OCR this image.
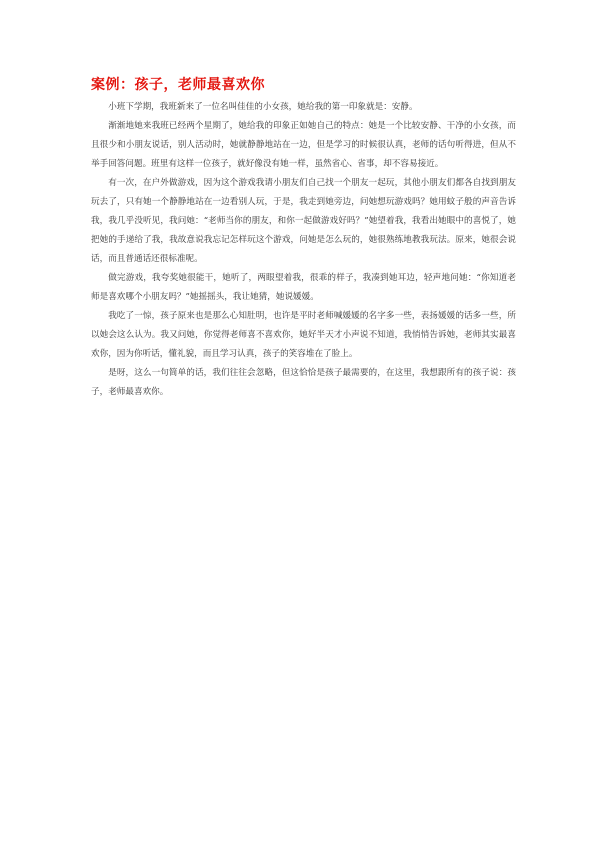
案例：孩子，老师最喜欢你

小班下学期，我班新来了一位名叫佳佳的小女孩，她给我的第一印象就是：安静。

渐渐地她来我班已经两个星期了，她给我的印象正如她自己的特点：她是一个比较安静、干净的小女孩，而且很少和小朋友说话，别人活动时，她就静静地站在一边，但是学习的时候很认真，老师的话句听得进，但从不举手回答问题。班里有这样一位孩子，就好像没有她一样，虽然省心、省事，却不容易接近。

有一次，在户外做游戏，因为这个游戏我请小朋友们自己找一个朋友一起玩，其他小朋友们都各自找到朋友玩去了，只有她一个静静地站在一边看别人玩，于是，我走到她旁边，问她想玩游戏吗？她用蚊子般的声音告诉我，我几乎没听见，我问她：“老师当你的朋友，和你一起做游戏好吗？”她望着我，我看出她眼中的喜悦了，她把她的手递给了我，我故意说我忘记怎样玩这个游戏，问她是怎么玩的，她很熟练地教我玩法。原来，她很会说话，而且普通话还很标准呢。

做完游戏，我夸奖她很能干，她听了，两眼望着我，很乖的样子，我凑到她耳边，轻声地问她：“你知道老师是喜欢哪个小朋友吗？”她摇摇头，我让她猜，她说媛媛。

我吃了一惊，孩子原来也是那么心知肚明，也许是平时老师喊媛媛的名字多一些，表扬媛媛的话多一些，所以她会这么认为。我又问她，你觉得老师喜不喜欢你，她好半天才小声说不知道，我悄悄告诉她，老师其实最喜欢你，因为你听话，懂礼貌，而且学习认真，孩子的笑容堆在了脸上。

是呀，这么一句简单的话，我们往往会忽略，但这恰恰是孩子最需要的，在这里，我想跟所有的孩子说：孩子，老师最喜欢你。
